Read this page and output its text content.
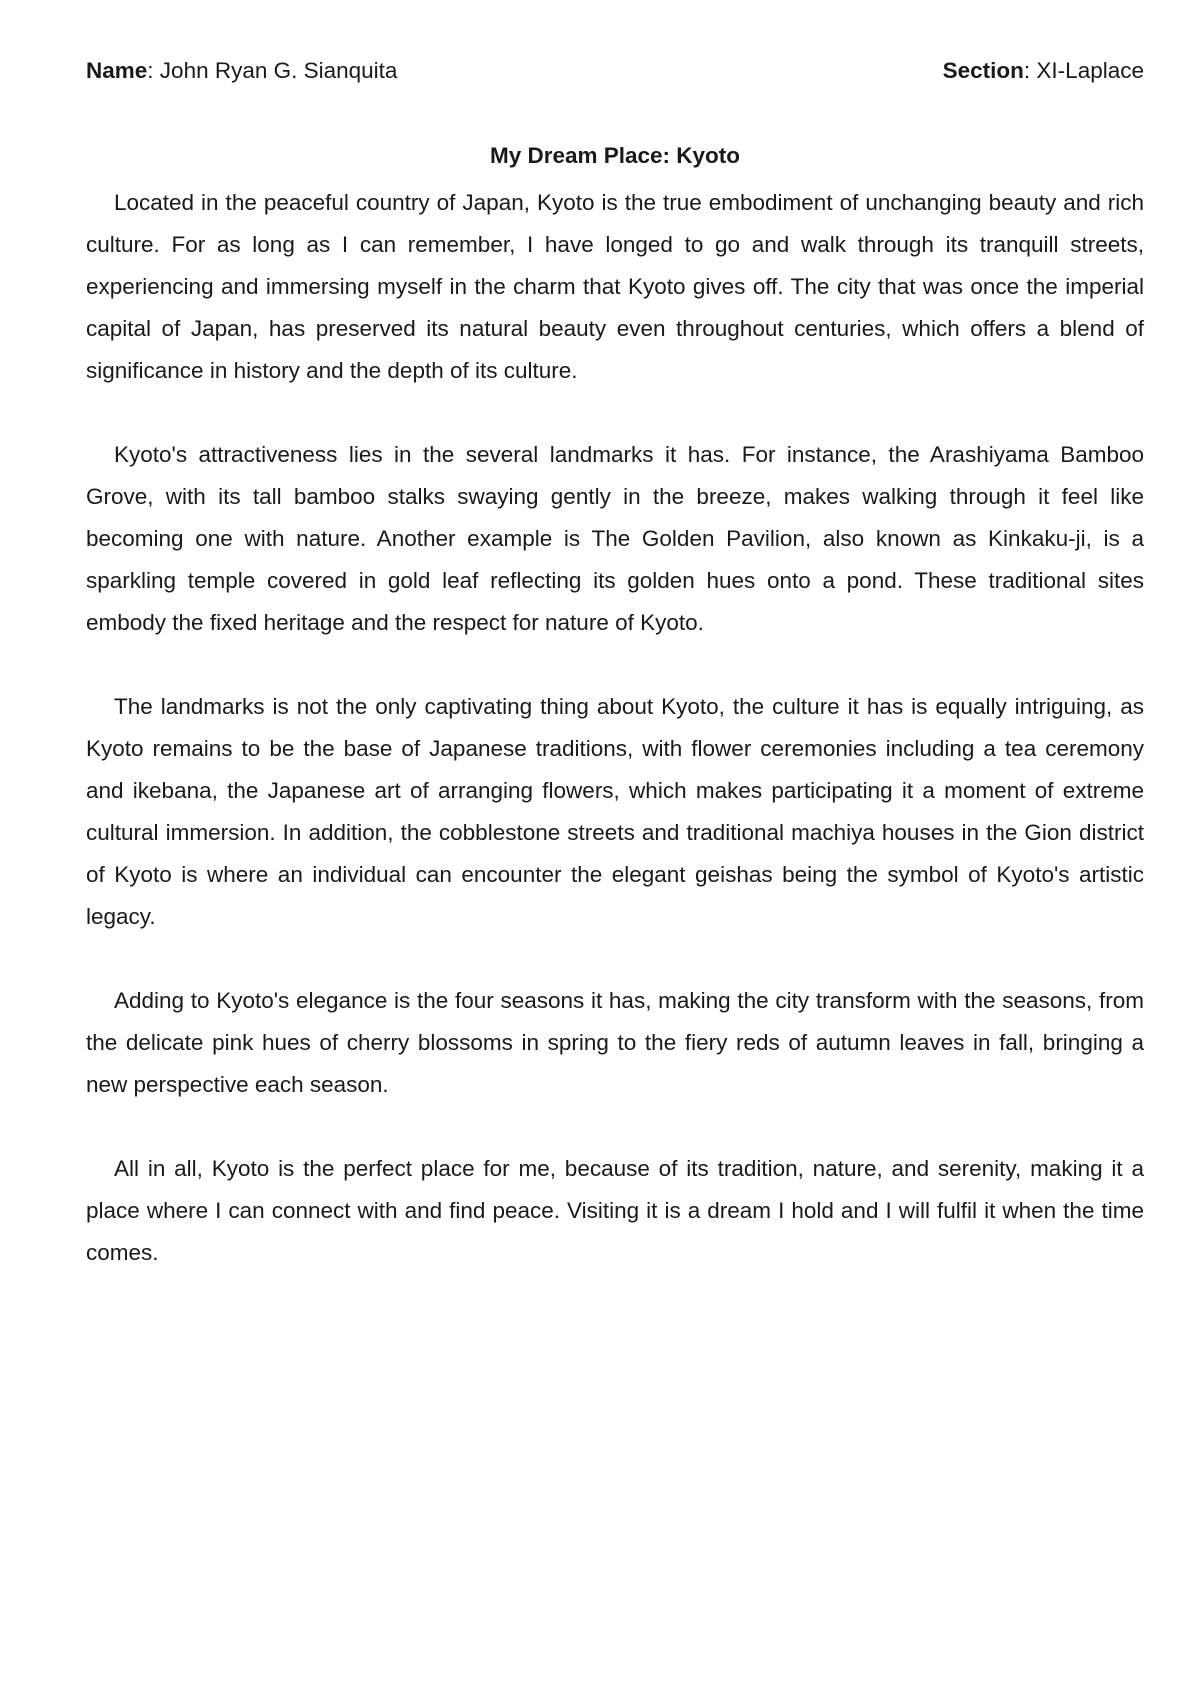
Name: John Ryan G. Sianquita	Section: XI-Laplace
My Dream Place: Kyoto

Located in the peaceful country of Japan, Kyoto is the true embodiment of unchanging beauty and rich culture. For as long as I can remember, I have longed to go and walk through its tranquill streets, experiencing and immersing myself in the charm that Kyoto gives off. The city that was once the imperial capital of Japan, has preserved its natural beauty even throughout centuries, which offers a blend of significance in history and the depth of its culture.

Kyoto's attractiveness lies in the several landmarks it has. For instance, the Arashiyama Bamboo Grove, with its tall bamboo stalks swaying gently in the breeze, makes walking through it feel like becoming one with nature. Another example is The Golden Pavilion, also known as Kinkaku-ji, is a sparkling temple covered in gold leaf reflecting its golden hues onto a pond. These traditional sites embody the fixed heritage and the respect for nature of Kyoto.

The landmarks is not the only captivating thing about Kyoto, the culture it has is equally intriguing, as Kyoto remains to be the base of Japanese traditions, with flower ceremonies including a tea ceremony and ikebana, the Japanese art of arranging flowers, which makes participating it a moment of extreme cultural immersion. In addition, the cobblestone streets and traditional machiya houses in the Gion district of Kyoto is where an individual can encounter the elegant geishas being the symbol of Kyoto's artistic legacy.

Adding to Kyoto's elegance is the four seasons it has, making the city transform with the seasons, from the delicate pink hues of cherry blossoms in spring to the fiery reds of autumn leaves in fall, bringing a new perspective each season.

All in all, Kyoto is the perfect place for me, because of its tradition, nature, and serenity, making it a place where I can connect with and find peace. Visiting it is a dream I hold and I will fulfil it when the time comes.
